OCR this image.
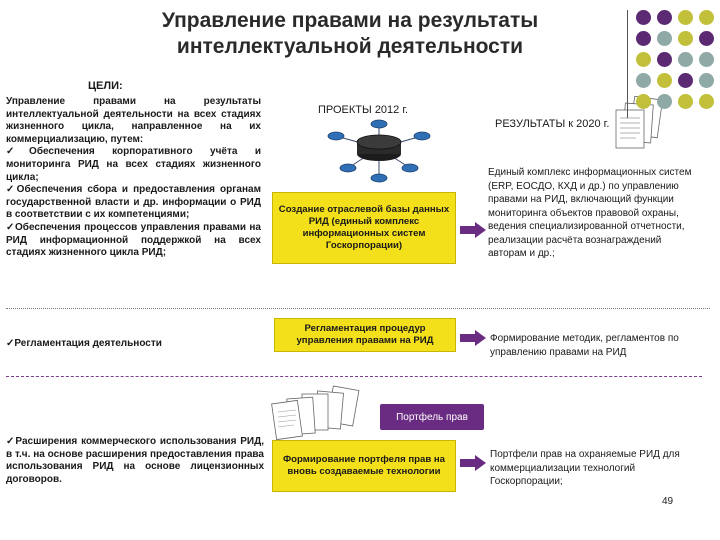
Управление правами на результаты интеллектуальной деятельности
ЦЕЛИ:
ПРОЕКТЫ 2012 г.
РЕЗУЛЬТАТЫ к 2020 г.

Управление правами на результаты интеллектуальной деятельности на всех стадиях жизненного цикла, направленное на их коммерциализацию, путем:

✓ Обеспечения корпоративного учёта и мониторинга РИД на всех стадиях жизненного цикла;

✓ Обеспечения сбора и предоставления органам государственной власти и др. информации о РИД в соответствии с их компетенциями;

✓ Обеспечения процессов управления правами на РИД информационной поддержкой на всех стадиях жизненного цикла РИД;

✓ Регламентация деятельности
✓ Расширения коммерческого использования РИД, в т.ч. на основе расширения предоставления права использования РИД на основе лицензионных договоров.
Создание отраслевой базы данных РИД (единый комплекс информационных систем Госкорпорации)
Регламентация процедур управления правами на РИД
Формирование портфеля прав на вновь создаваемые технологии
Единый комплекс информационных систем (ERP, ЕОСДО, КХД и др.) по управлению правами на РИД, включающий функции мониторинга объектов правовой охраны, ведения специализированной отчетности, реализации расчёта вознаграждений авторам и др.;
Формирование методик, регламентов по управлению правами на РИД
Портфели прав на охраняемые РИД для коммерциализации технологий Госкорпорации;
Портфель прав
49
